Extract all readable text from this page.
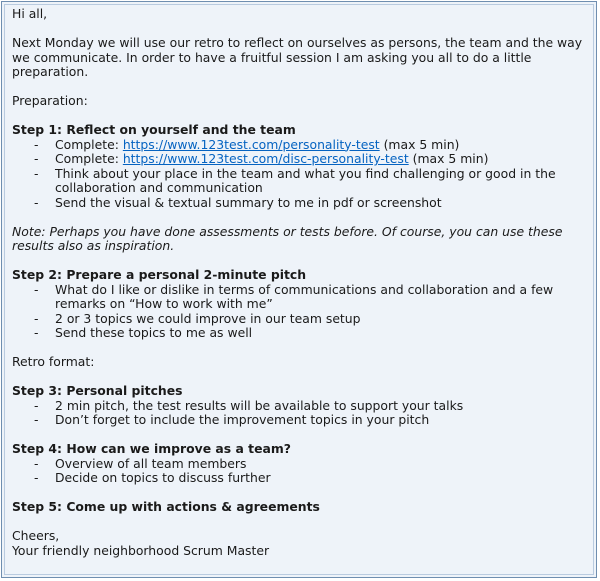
Hi all,

Next Monday we will use our retro to reflect on ourselves as persons, the team and the way we communicate. In order to have a fruitful session I am asking you all to do a little preparation.

Preparation:

Step 1: Reflect on yourself and the team

- Complete: https://www.123test.com/personality-test (max 5 min)
- Complete: https://www.123test.com/disc-personality-test (max 5 min)
- Think about your place in the team and what you find challenging or good in the collaboration and communication
- Send the visual & textual summary to me in pdf or screenshot

Note: Perhaps you have done assessments or tests before. Of course, you can use these results also as inspiration.

Step 2: Prepare a personal 2-minute pitch

- What do I like or dislike in terms of communications and collaboration and a few remarks on “How to work with me”
- 2 or 3 topics we could improve in our team setup
- Send these topics to me as well

Retro format:

Step 3: Personal pitches

- 2 min pitch, the test results will be available to support your talks
- Don’t forget to include the improvement topics in your pitch

Step 4: How can we improve as a team?

- Overview of all team members
- Decide on topics to discuss further

Step 5: Come up with actions & agreements

Cheers,

Your friendly neighborhood Scrum Master
